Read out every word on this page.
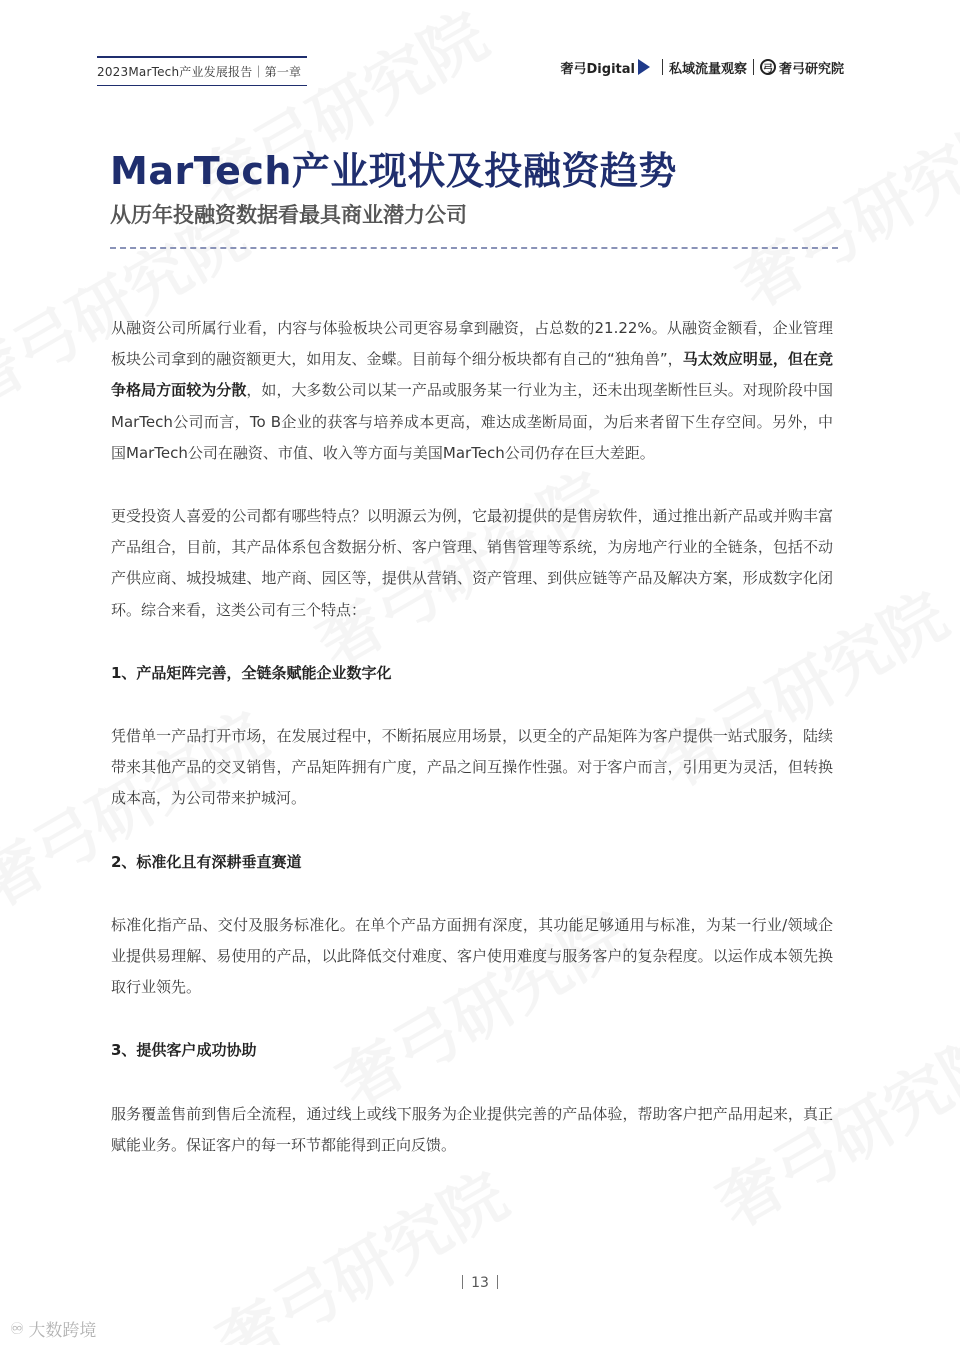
2023MarTech产业发展报告｜第一章	奢弓Digital	私域流量观察	弓 奢弓研究院
MarTech产业现状及投融资趋势
从历年投融资数据看最具商业潜力公司

从融资公司所属行业看，内容与体验板块公司更容易拿到融资，占总数的21.22%。从融资金额看，企业管理板块公司拿到的融资额更大，如用友、金蝶。目前每个细分板块都有自己的“独角兽”，马太效应明显，但在竞争格局方面较为分散，如，大多数公司以某一产品或服务某一行业为主，还未出现垄断性巨头。对现阶段中国MarTech公司而言，To B企业的获客与培养成本更高，难达成垄断局面，为后来者留下生存空间。另外，中国MarTech公司在融资、市值、收入等方面与美国MarTech公司仍存在巨大差距。

更受投资人喜爱的公司都有哪些特点？以明源云为例，它最初提供的是售房软件，通过推出新产品或并购丰富产品组合，目前，其产品体系包含数据分析、客户管理、销售管理等系统，为房地产行业的全链条，包括不动产供应商、城投城建、地产商、园区等，提供从营销、资产管理、到供应链等产品及解决方案，形成数字化闭环。综合来看，这类公司有三个特点：

1、产品矩阵完善，全链条赋能企业数字化

凭借单一产品打开市场，在发展过程中，不断拓展应用场景，以更全的产品矩阵为客户提供一站式服务，陆续带来其他产品的交叉销售，产品矩阵拥有广度，产品之间互操作性强。对于客户而言，引用更为灵活，但转换成本高，为公司带来护城河。

2、标准化且有深耕垂直赛道

标准化指产品、交付及服务标准化。在单个产品方面拥有深度，其功能足够通用与标准，为某一行业/领域企业提供易理解、易使用的产品，以此降低交付难度、客户使用难度与服务客户的复杂程度。以运作成本领先换取行业领先。

3、提供客户成功协助

服务覆盖售前到售后全流程，通过线上或线下服务为企业提供完善的产品体验，帮助客户把产品用起来，真正赋能业务。保证客户的每一环节都能得到正向反馈。

13
♾ 大数跨境
